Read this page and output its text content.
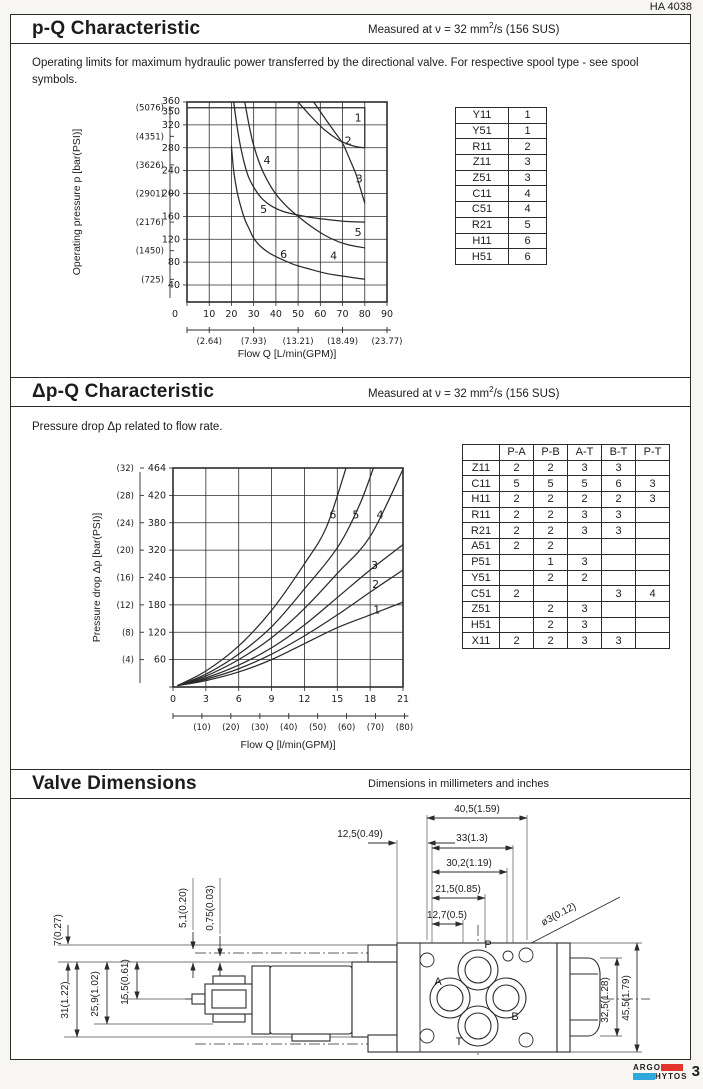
HA 4038
p-Q Characteristic	Measured at ν = 32 $mm^2/s$ (156 SUS)
Operating limits for maximum hydraulic power transferred by the directional valve. For respective spool type - see spool symbols.
0	10 20 30 40 50 60 70 80 90
40
80
120
160
200
240
280
320
350
360
(5076)
(4351)
(3626)
(2901)
(2176)
(1450)
(725)
(2.64) (7.93) (13.21) (18.49) (23.77)
1
2
3
4
5
5
4
6
Flow Q [L/min(GPM)]
Operating pressure p [bar(PSI)]
Y11	1
Y51	1
R11	2
Z11	3
Z51	3
C11	4
C51	4
R21	5
H11	6
H51	6
Δp-Q Characteristic	Measured at ν = 32 $mm^2/s$ (156 SUS)
Pressure drop Δp related to flow rate.
0	3	6	9	12 15 18 21
60
120
180
240
320
380
420
464
(4)
(8)
(12)
(16)
(20)
(24)
(28)
(32)
(10) (20) (30) (40) (50) (60) (70) (80)
6 5 4
3
2
1
Flow Q [l/min(GPM)]
Pressure drop Δp [bar(PSI)]
	P-A	P-B	A-T	B-T	P-T
Z11	2	2	3	3	
C11	5	5	5	6	3
H11	2	2	2	2	3
R11	2	2	3	3	
R21	2	2	3	3	
A51	2	2			
P51		1	3		
Y51		2	2		
C51	2			3	4
Z51		2	3		
H51		2	3		
X11	2	2	3	3	
Valve Dimensions	Dimensions in millimeters and inches
40,5(1.59)
33(1.3)
12,5(0.49)
30,2(1.19)
21,5(0.85)
12,7(0.5)	ø3(0.12)
7(0.27)
5,1(0.20) 0,75(0.03)
31(1.22) 25,9(1.02) 15,5(0.61)	32,5(1.28) 45,5(1.79)
P
A
B
T
ARGO
HYTOS 3
